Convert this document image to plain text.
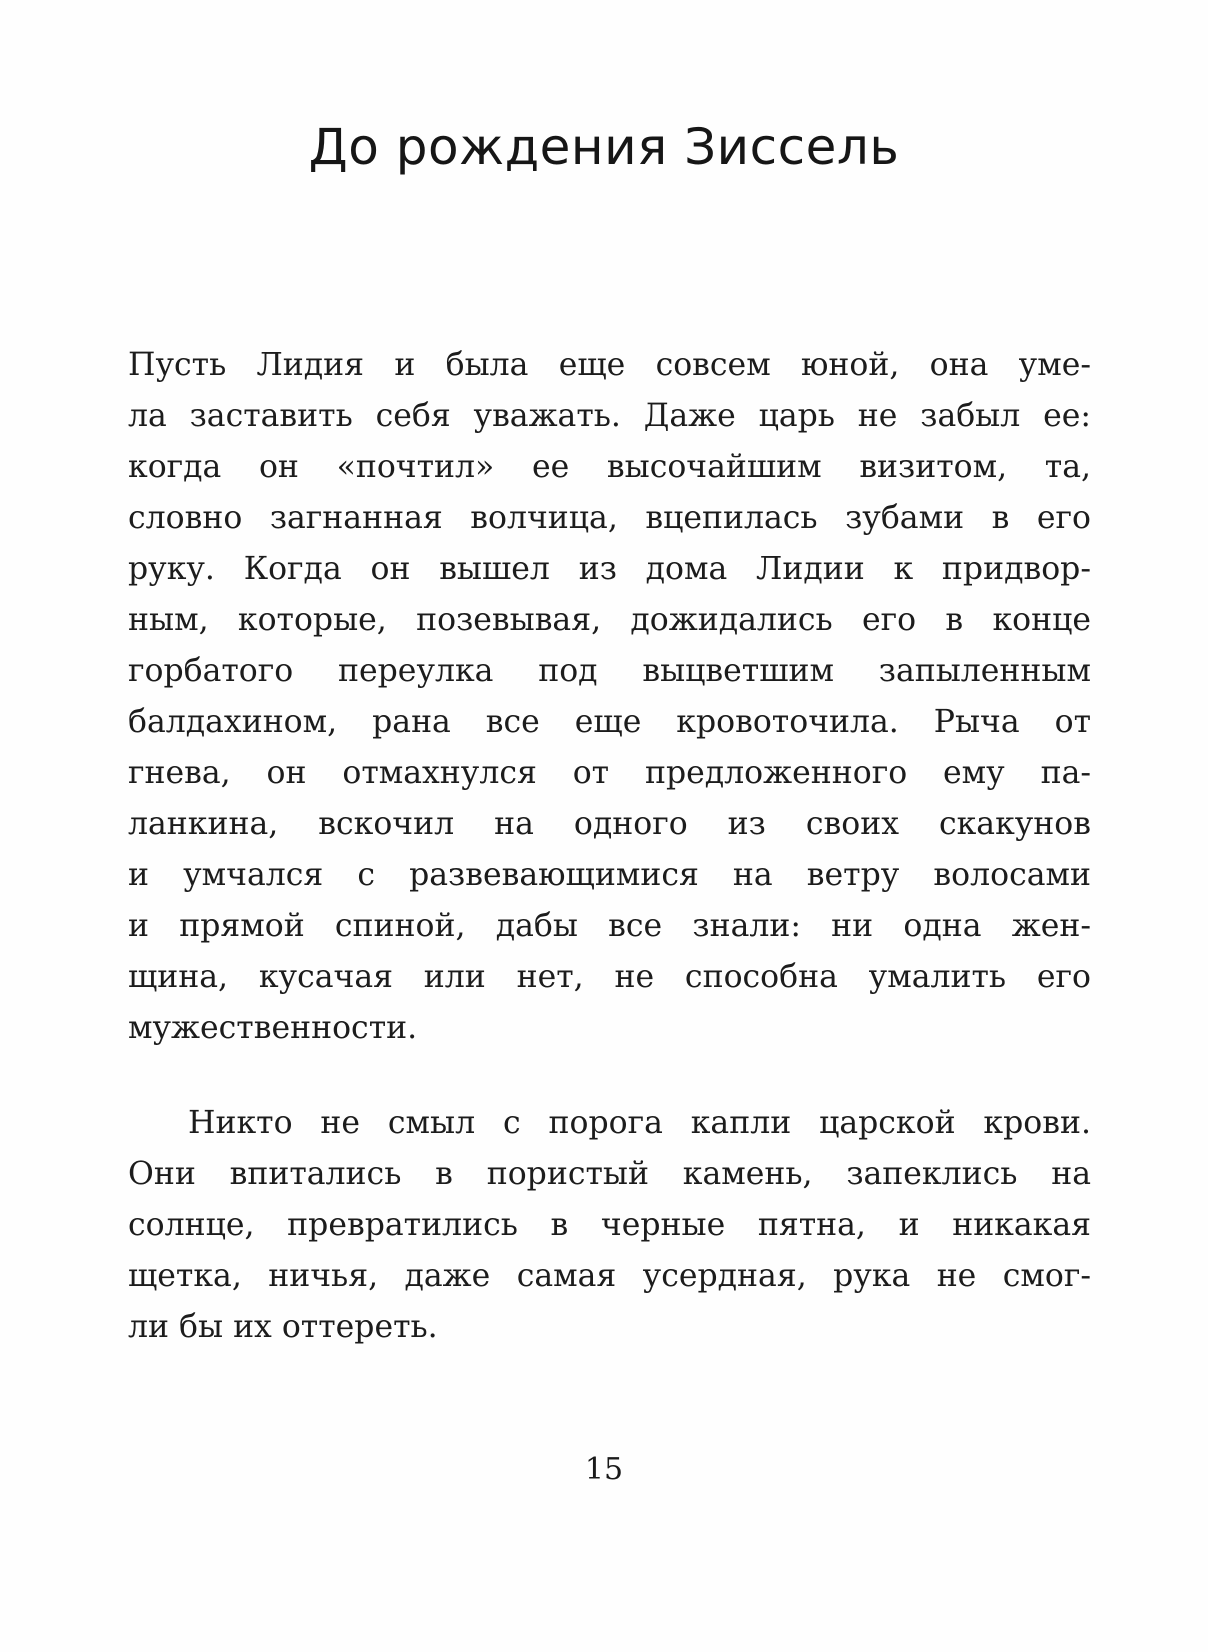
До рождения Зиссель
Пусть Лидия и была еще совсем юной, она уме-
ла заставить себя уважать. Даже царь не забыл ее:
когда он «почтил» ее высочайшим визитом, та,
словно загнанная волчица, вцепилась зубами в его
руку. Когда он вышел из дома Лидии к придвор-
ным, которые, позевывая, дожидались его в конце
горбатого переулка под выцветшим запыленным
балдахином, рана все еще кровоточила. Рыча от
гнева, он отмахнулся от предложенного ему па-
ланкина, вскочил на одного из своих скакунов
и умчался с развевающимися на ветру волосами
и прямой спиной, дабы все знали: ни одна жен-
щина, кусачая или нет, не способна умалить его
мужественности.
Никто не смыл с порога капли царской крови.
Они впитались в пористый камень, запеклись на
солнце, превратились в черные пятна, и никакая
щетка, ничья, даже самая усердная, рука не смог-
ли бы их оттереть.
15
